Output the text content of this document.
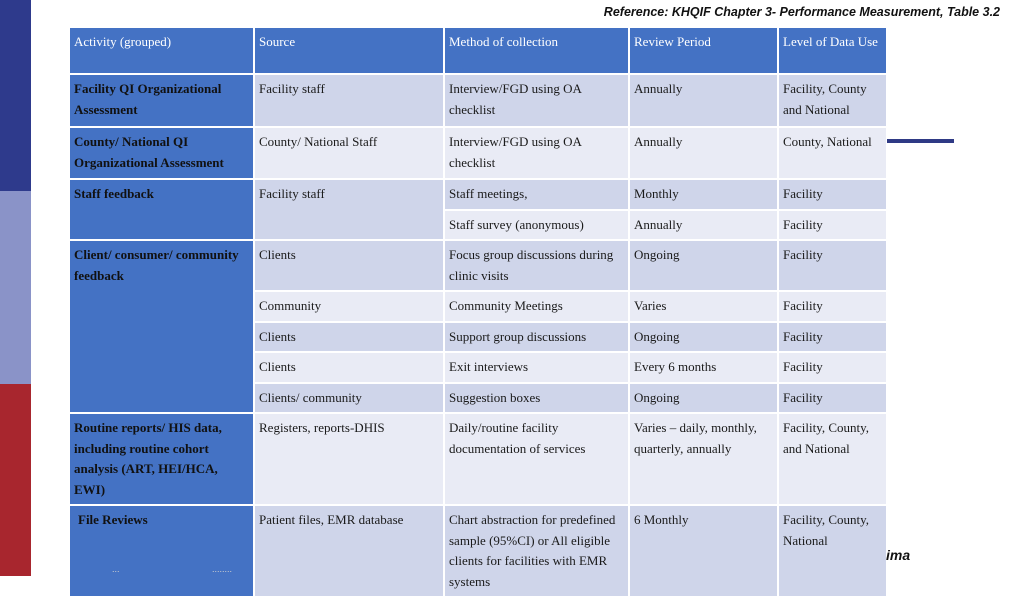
Reference: KHQIF Chapter 3- Performance Measurement, Table 3.2
Activity (grouped)	Source	Method of collection	Review Period	Level of Data Use
Facility QI Organizational Assessment	Facility staff	Interview/FGD using OA checklist	Annually	Facility, County and National
County/ National QI Organizational Assessment	County/ National Staff	Interview/FGD using OA checklist	Annually	County, National
Staff feedback	Facility staff	Staff meetings,	Monthly	Facility
		Staff survey (anonymous)	Annually	Facility
Client/ consumer/ community feedback	Clients	Focus group discussions during clinic visits	Ongoing	Facility
	Community	Community Meetings	Varies	Facility
	Clients	Support group discussions	Ongoing	Facility
	Clients	Exit interviews	Every 6 months	Facility
	Clients/ community	Suggestion boxes	Ongoing	Facility
Routine reports/ HIS data, including routine cohort analysis (ART, HEI/HCA, EWI)	Registers, reports-DHIS	Daily/routine facility documentation of services	Varies – daily, monthly, quarterly, annually	Facility, County, and National
File Reviews	Patient files, EMR database	Chart abstraction for predefined sample (95%CI) or All eligible clients for facilities with EMR systems	6 Monthly	Facility, County, National
ima
...	........
